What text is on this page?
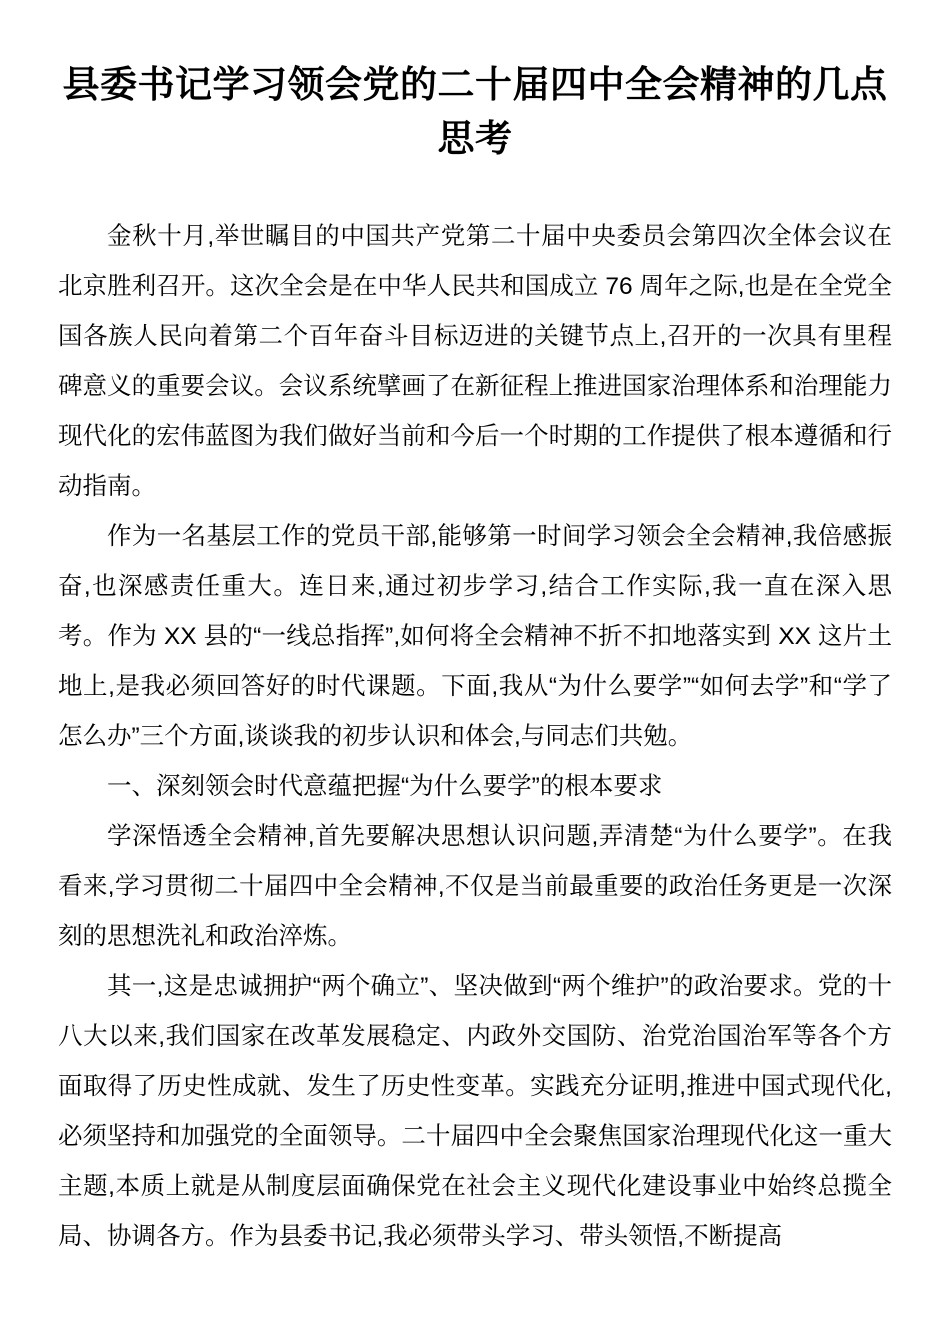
县委书记学习领会党的二十届四中全会精神的几点思考

金秋十月,举世瞩目的中国共产党第二十届中央委员会第四次全体会议在北京胜利召开。这次全会是在中华人民共和国成立 76 周年之际,也是在全党全国各族人民向着第二个百年奋斗目标迈进的关键节点上,召开的一次具有里程碑意义的重要会议。会议系统擘画了在新征程上推进国家治理体系和治理能力现代化的宏伟蓝图为我们做好当前和今后一个时期的工作提供了根本遵循和行动指南。

作为一名基层工作的党员干部,能够第一时间学习领会全会精神,我倍感振奋,也深感责任重大。连日来,通过初步学习,结合工作实际,我一直在深入思考。作为 XX 县的“一线总指挥”,如何将全会精神不折不扣地落实到 XX 这片土地上,是我必须回答好的时代课题。下面,我从“为什么要学”“如何去学”和“学了怎么办”三个方面,谈谈我的初步认识和体会,与同志们共勉。

一、深刻领会时代意蕴把握“为什么要学”的根本要求

学深悟透全会精神,首先要解决思想认识问题,弄清楚“为什么要学”。在我看来,学习贯彻二十届四中全会精神,不仅是当前最重要的政治任务更是一次深刻的思想洗礼和政治淬炼。

其一,这是忠诚拥护“两个确立”、坚决做到“两个维护”的政治要求。党的十八大以来,我们国家在改革发展稳定、内政外交国防、治党治国治军等各个方面取得了历史性成就、发生了历史性变革。实践充分证明,推进中国式现代化,必须坚持和加强党的全面领导。二十届四中全会聚焦国家治理现代化这一重大主题,本质上就是从制度层面确保党在社会主义现代化建设事业中始终总揽全局、协调各方。作为县委书记,我必须带头学习、带头领悟,不断提高
